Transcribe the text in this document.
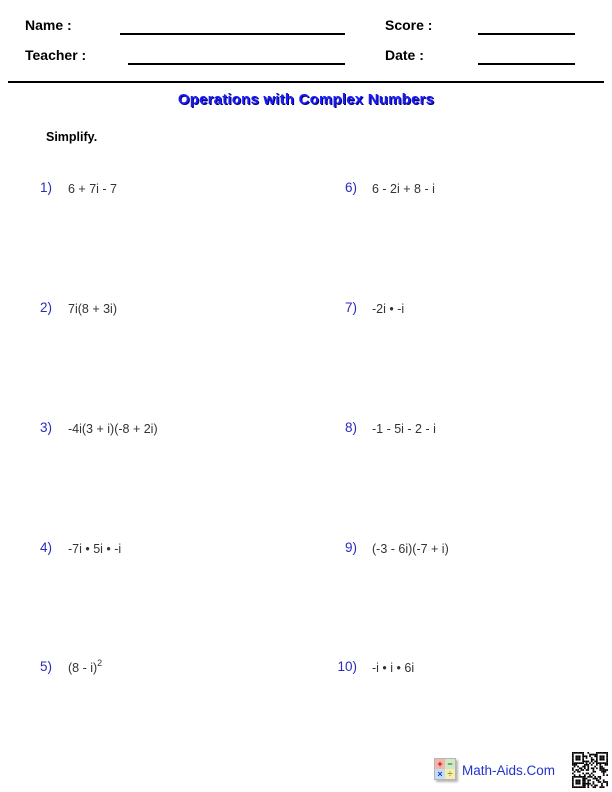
Name :	Score :
Teacher :	Date :
Operations with Complex Numbers
Simplify.
1) 6 + 7i - 7
2) 7i(8 + 3i)
3) -4i(3 + i)(-8 + 2i)
4) -7i • 5i • -i
5) (8 - i)$^2$
6) 6 - 2i + 8 - i
7) -2i • -i
8) -1 - 5i - 2 - i
9) (-3 - 6i)(-7 + i)
10) -i • i • 6i
+ −
× ÷ Math-Aids.Com
